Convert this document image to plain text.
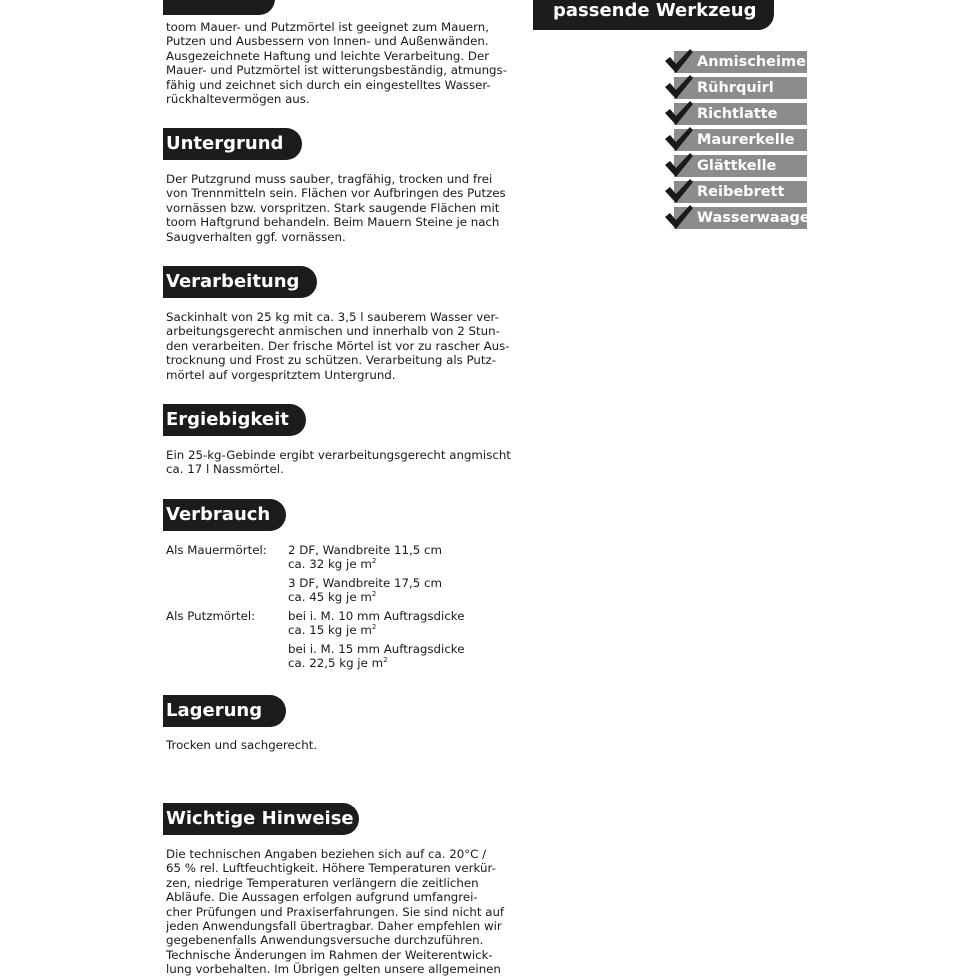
toom Mauer- und Putzmörtel ist geeignet zum Mauern,
Putzen und Ausbessern von Innen- und Außenwänden.
Ausgezeichnete Haftung und leichte Verarbeitung. Der
Mauer- und Putzmörtel ist witterungsbeständig, atmungs-
fähig und zeichnet sich durch ein eingestelltes Wasser-
rückhaltevermögen aus.
Untergrund
Der Putzgrund muss sauber, tragfähig, trocken und frei
von Trennmitteln sein. Flächen vor Aufbringen des Putzes
vornässen bzw. vorspritzen. Stark saugende Flächen mit
toom Haftgrund behandeln. Beim Mauern Steine je nach
Saugverhalten ggf. vornässen.
Verarbeitung
Sackinhalt von 25 kg mit ca. 3,5 l sauberem Wasser ver-
arbeitungsgerecht anmischen und innerhalb von 2 Stun-
den verarbeiten. Der frische Mörtel ist vor zu rascher Aus-
trocknung und Frost zu schützen. Verarbeitung als Putz-
mörtel auf vorgespritztem Untergrund.
Ergiebigkeit
Ein 25-kg-Gebinde ergibt verarbeitungsgerecht angmischt
ca. 17 l Nassmörtel.
Verbrauch
Als Mauermörtel: 2 DF, Wandbreite 11,5 cm
ca. 32 kg je $m^2$
3 DF, Wandbreite 17,5 cm
ca. 45 kg je $m^2$
Als Putzmörtel:	bei i. M. 10 mm Auftragsdicke
ca. 15 kg je $m^2$
bei i. M. 15 mm Auftragsdicke
ca. 22,5 kg je $m^2$
Lagerung
Trocken und sachgerecht.
Wichtige Hinweise
Die technischen Angaben beziehen sich auf ca. 20°C /
65 % rel. Luftfeuchtigkeit. Höhere Temperaturen verkür-
zen, niedrige Temperaturen verlängern die zeitlichen
Abläufe. Die Aussagen erfolgen aufgrund umfangrei-
cher Prüfungen und Praxiserfahrungen. Sie sind nicht auf
jeden Anwendungsfall übertragbar. Daher empfehlen wir
gegebenenfalls Anwendungsversuche durchzuführen.
Technische Änderungen im Rahmen der Weiterentwick-
lung vorbehalten. Im Übrigen gelten unsere allgemeinen
passende Werkzeug
Anmischeimer
Rührquirl
Richtlatte
Maurerkelle
Glättkelle
Reibebrett
Wasserwaage
